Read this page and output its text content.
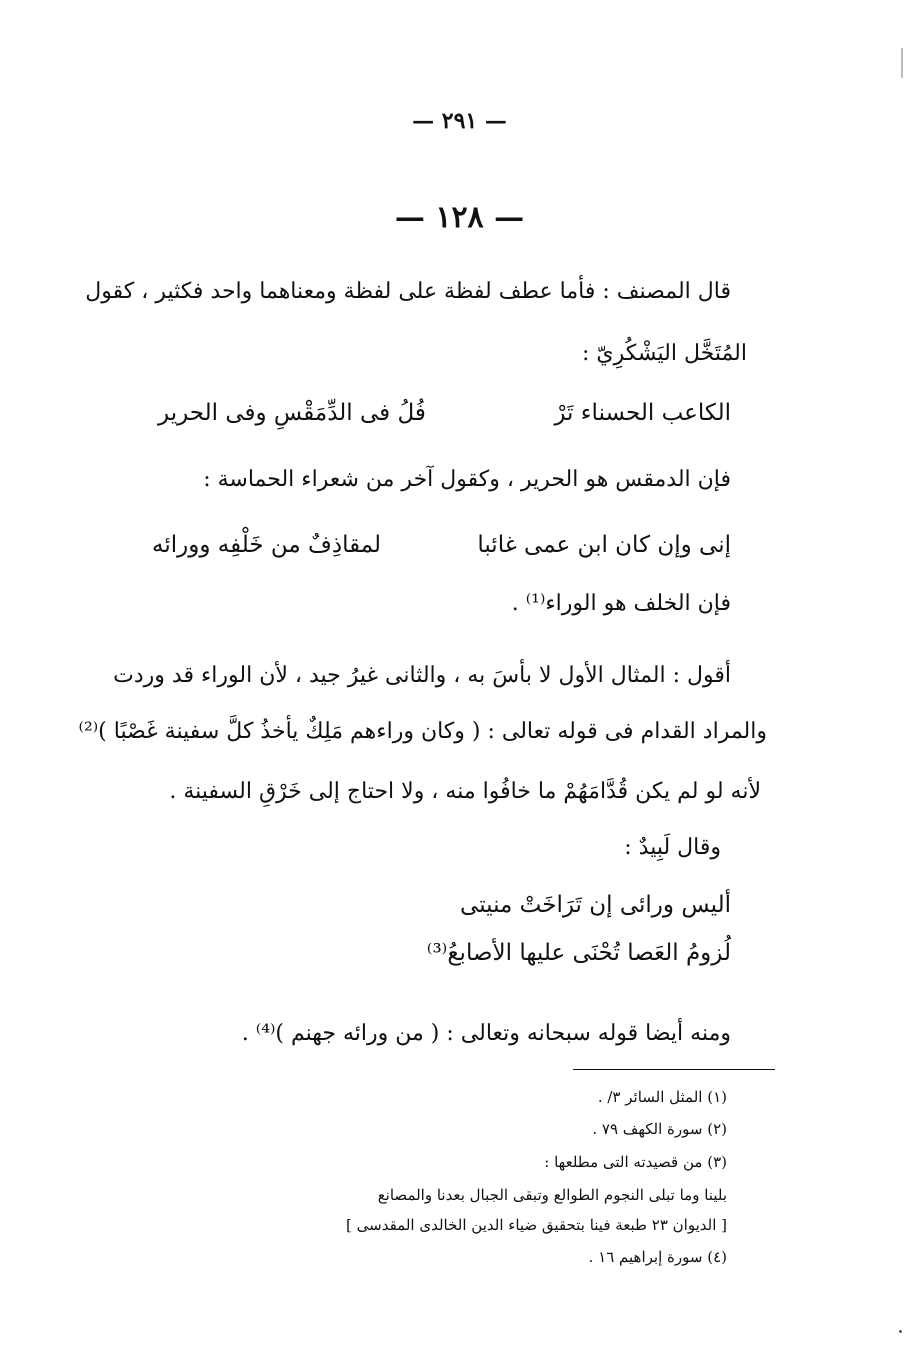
— ٢٩١ —
— ١٢٨ —
قال المصنف : فأما عطف لفظة على لفظة ومعناهما واحد فكثير ، كقول
المُتَخَّل اليَشْكُرِيّ :
الكاعب الحسناء تَرْ
فُلُ فى الدِّمَقْسِ وفى الحرير
فإن الدمقس هو الحرير ، وكقول آخر من شعراء الحماسة :
إنى وإن كان ابن عمى غائبا
لمقاذِفٌ من خَلْفِه وورائه
فإن الخلف هو الوراء⁽¹⁾ .
أقول : المثال الأول لا بأسَ به ، والثانى غيرُ جيد ، لأن الوراء قد وردت
والمراد القدام فى قوله تعالى : ( وكان وراءهم مَلِكٌ يأخذُ كلَّ سفينة غَصْبًا )⁽²⁾
لأنه لو لم يكن قُدَّامَهُمْ ما خافُوا منه ، ولا احتاج إلى خَرْقِ السفينة .
وقال لَبِيدٌ :
أليس ورائى إن تَرَاخَتْ منيتى
لُزومُ العَصا تُحْنَى عليها الأصابعُ⁽³⁾
ومنه أيضا قوله سبحانه وتعالى : ( من ورائه جهنم )⁽⁴⁾ .
(١) المثل السائر ٣/ .
(٢) سورة الكهف ٧٩ .
(٣) من قصيدته التى مطلعها :
بلينا وما تبلى النجوم الطوالع وتبقى الجبال بعدنا والمصانع
[ الديوان ٢٣ طبعة فينا بتحقيق ضياء الدين الخالدى المقدسى ]
(٤) سورة إبراهيم ١٦ .
